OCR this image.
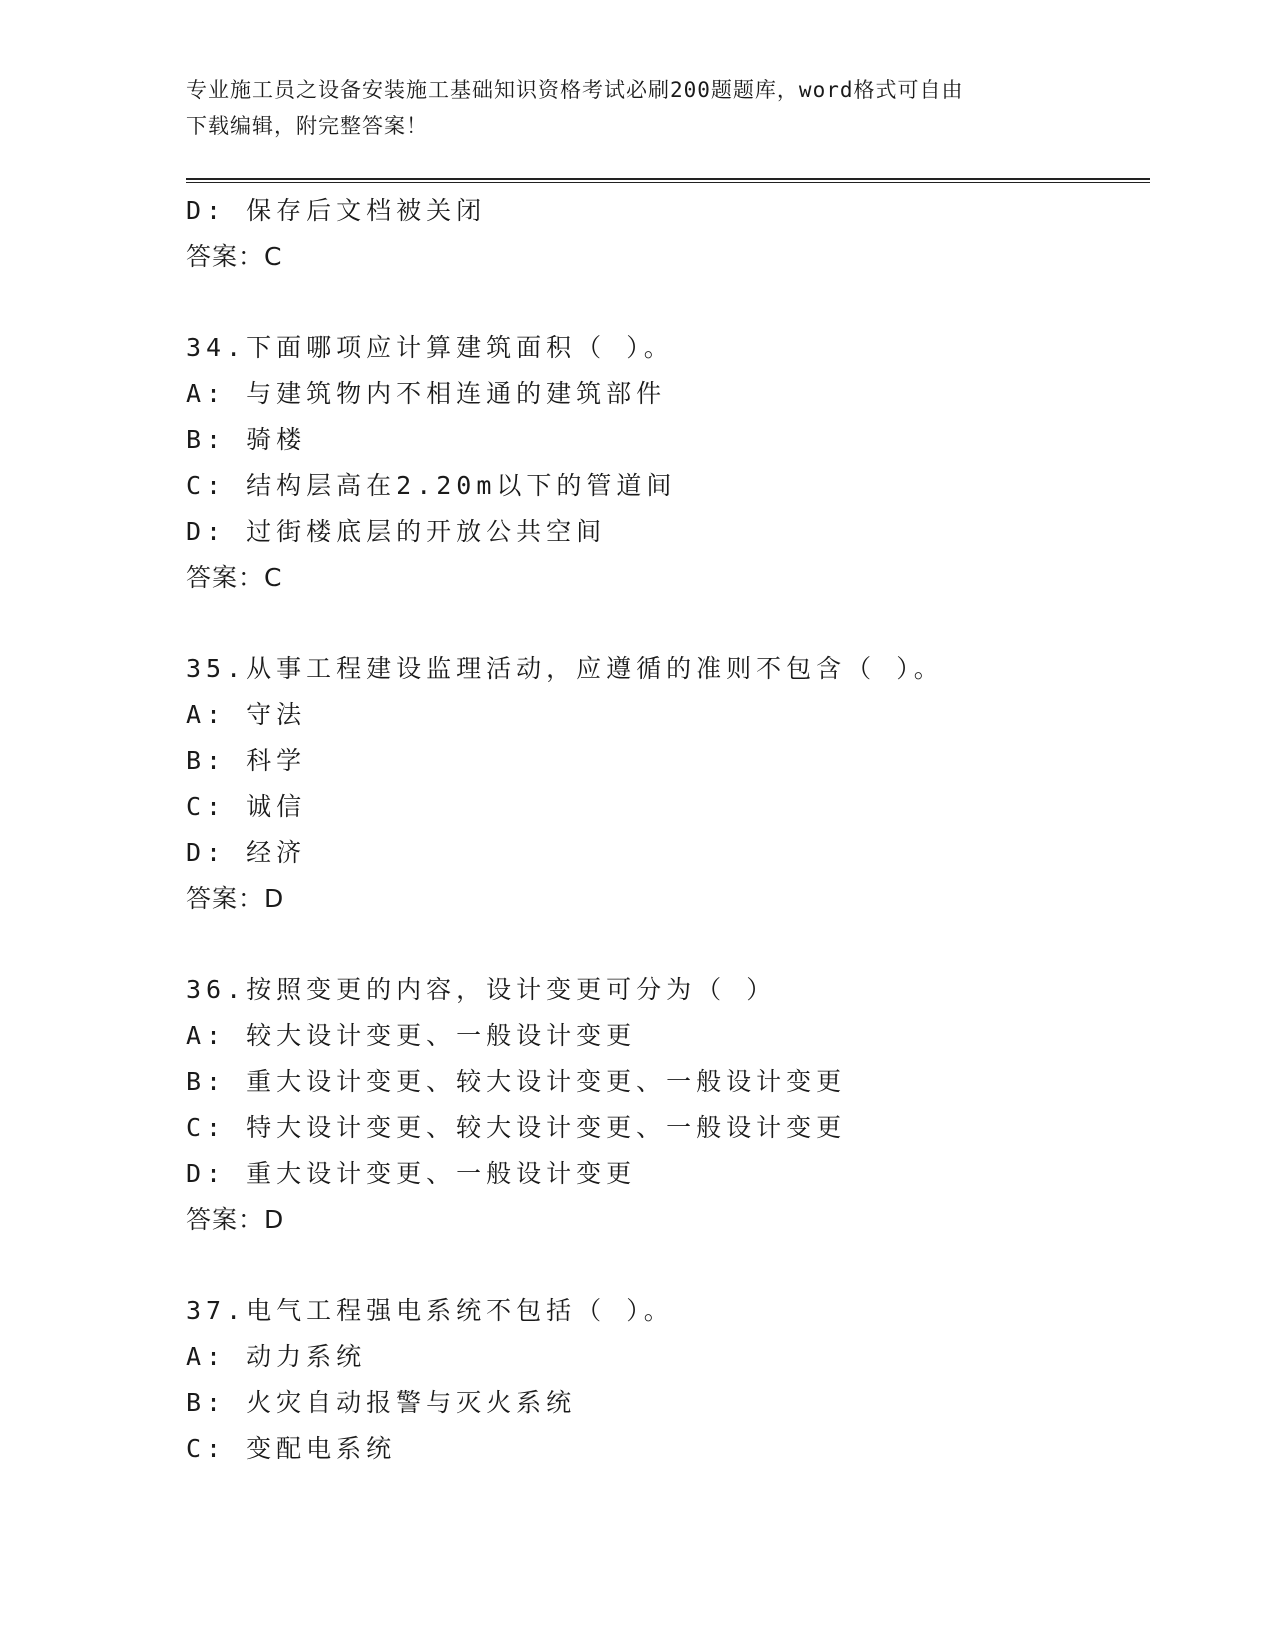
专业施工员之设备安装施工基础知识资格考试必刷200题题库，word格式可自由
下载编辑，附完整答案！
D: 保存后文档被关闭
答案：C
34.下面哪项应计算建筑面积（ ）。
A: 与建筑物内不相连通的建筑部件
B: 骑楼
C: 结构层高在2.20m以下的管道间
D: 过街楼底层的开放公共空间
答案：C
35.从事工程建设监理活动，应遵循的准则不包含（ ）。
A: 守法
B: 科学
C: 诚信
D: 经济
答案：D
36.按照变更的内容，设计变更可分为（ ）
A: 较大设计变更、一般设计变更
B: 重大设计变更、较大设计变更、一般设计变更
C: 特大设计变更、较大设计变更、一般设计变更
D: 重大设计变更、一般设计变更
答案：D
37.电气工程强电系统不包括（ ）。
A: 动力系统
B: 火灾自动报警与灭火系统
C: 变配电系统
